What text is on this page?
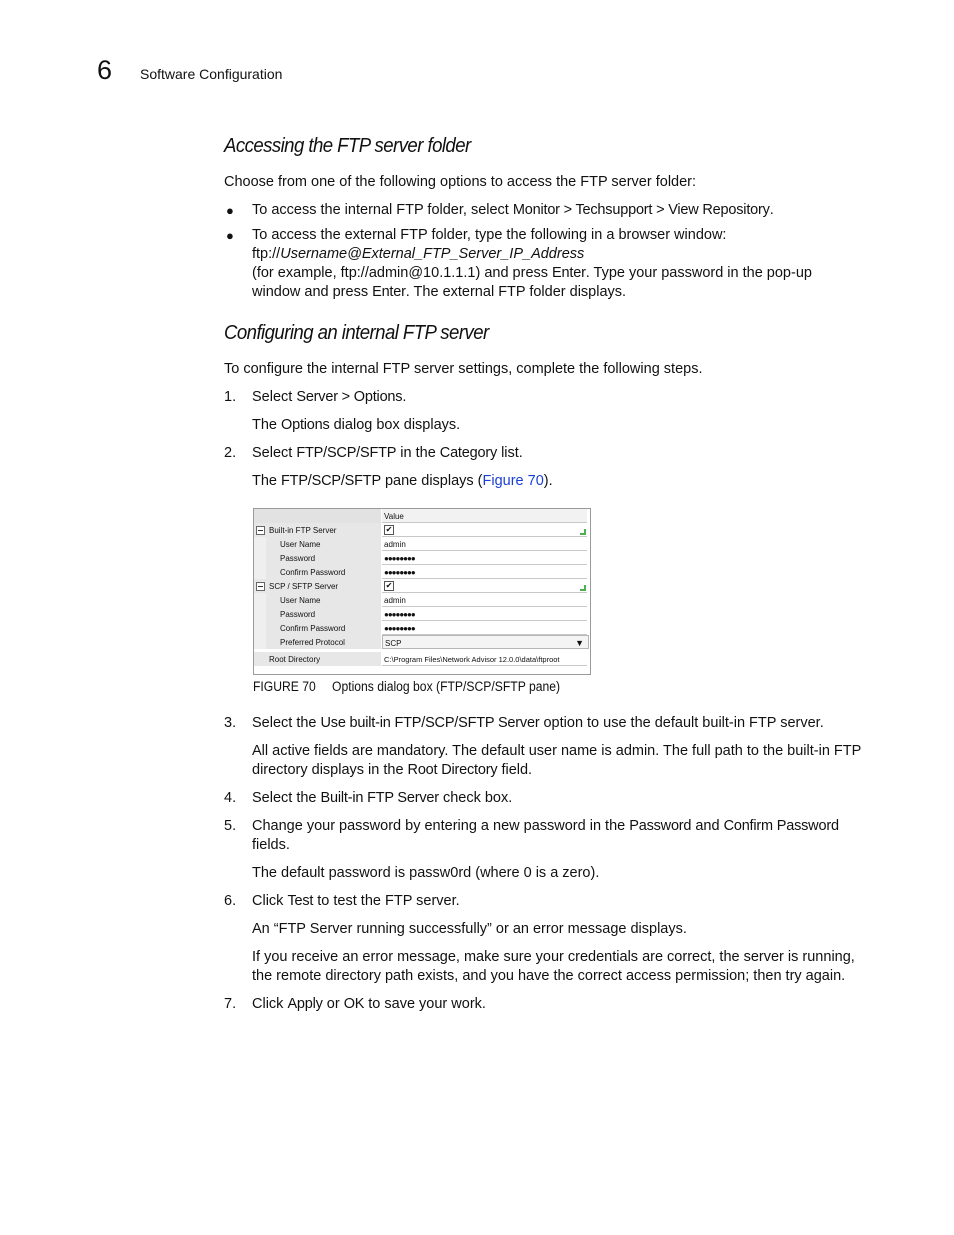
6 Software Configuration
Accessing the FTP server folder
Choose from one of the following options to access the FTP server folder:
● To access the internal FTP folder, select Monitor > Techsupport > View Repository.
● To access the external FTP folder, type the following in a browser window:
ftp://Username@External_FTP_Server_IP_Address
(for example, ftp://admin@10.1.1.1) and press Enter. Type your password in the pop-up
window and press Enter. The external FTP folder displays.
Configuring an internal FTP server
To configure the internal FTP server settings, complete the following steps.
1. Select Server > Options.
The Options dialog box displays.
2. Select FTP/SCP/SFTP in the Category list.
The FTP/SCP/SFTP pane displays (Figure 70).
Value
Built-in FTP Server	✔
User Name	admin
Password	●●●●●●●●
Confirm Password	●●●●●●●●
SCP / SFTP Server	✔
User Name	admin
Password	●●●●●●●●
Confirm Password	●●●●●●●●
Preferred Protocol	SCP	▼
Root Directory	C:\Program Files\Network Advisor 12.0.0\data\ftproot
FIGURE 70 Options dialog box (FTP/SCP/SFTP pane)
3. Select the Use built-in FTP/SCP/SFTP Server option to use the default built-in FTP server.
All active fields are mandatory. The default user name is admin. The full path to the built-in FTP
directory displays in the Root Directory field.
4. Select the Built-in FTP Server check box.
5. Change your password by entering a new password in the Password and Confirm Password
fields.
The default password is passw0rd (where 0 is a zero).
6. Click Test to test the FTP server.
An “FTP Server running successfully” or an error message displays.
If you receive an error message, make sure your credentials are correct, the server is running,
the remote directory path exists, and you have the correct access permission; then try again.
7. Click Apply or OK to save your work.
